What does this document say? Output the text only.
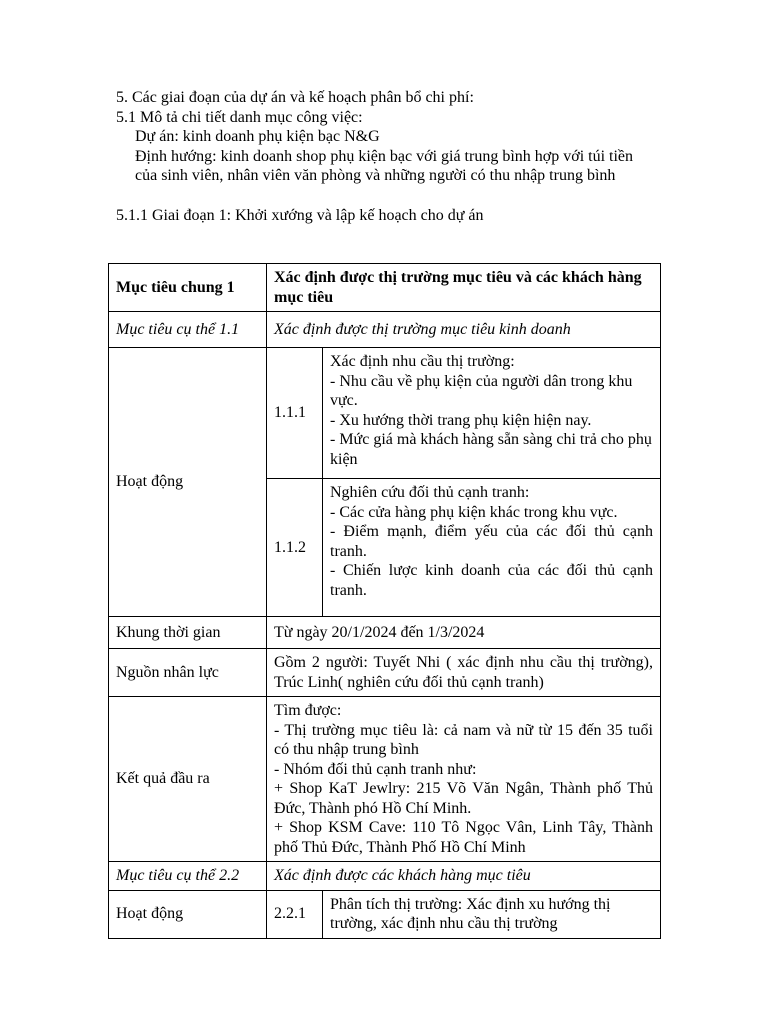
5. Các giai đoạn của dự án và kế hoạch phân bổ chi phí:

5.1 Mô tả chi tiết danh mục công việc:

Dự án: kinh doanh phụ kiện bạc N&G

Định hướng: kinh doanh shop phụ kiện bạc với giá trung bình hợp với túi tiền của sinh viên, nhân viên văn phòng và những người có thu nhập trung bình

5.1.1 Giai đoạn 1: Khởi xướng và lập kế hoạch cho dự án

Mục tiêu chung 1	Xác định được thị trường mục tiêu và các khách hàng mục tiêu	
Mục tiêu cụ thể 1.1	Xác định được thị trường mục tiêu kinh doanh	
Hoạt động	1.1.1	Xác định nhu cầu thị trường:
- Nhu cầu về phụ kiện của người dân trong khu vực.
- Xu hướng thời trang phụ kiện hiện nay.
- Mức giá mà khách hàng sẵn sàng chi trả cho phụ kiện

	1.1.2	Nghiên cứu đối thủ cạnh tranh:
- Các cửa hàng phụ kiện khác trong khu vực.
- Điểm mạnh, điểm yếu của các đối thủ cạnh tranh.
- Chiến lược kinh doanh của các đối thủ cạnh tranh.

Khung thời gian	Từ ngày 20/1/2024 đến 1/3/2024	
Nguồn nhân lực	Gồm 2 người: Tuyết Nhi ( xác định nhu cầu thị trường), Trúc Linh( nghiên cứu đối thủ cạnh tranh)	
Kết quả đầu ra	Tìm được:
- Thị trường mục tiêu là: cả nam và nữ từ 15 đến 35 tuổi có thu nhập trung bình
- Nhóm đối thủ cạnh tranh như:
+ Shop KaT Jewlry: 215 Võ Văn Ngân, Thành phố Thủ Đức, Thành phó Hồ Chí Minh.
+ Shop KSM Cave: 110 Tô Ngọc Vân, Linh Tây, Thành phố Thủ Đức, Thành Phố Hồ Chí Minh	

Mục tiêu cụ thể 2.2	Xác định được các khách hàng mục tiêu	
Hoạt động	2.2.1	Phân tích thị trường: Xác định xu hướng thị trường, xác định nhu cầu thị trường
